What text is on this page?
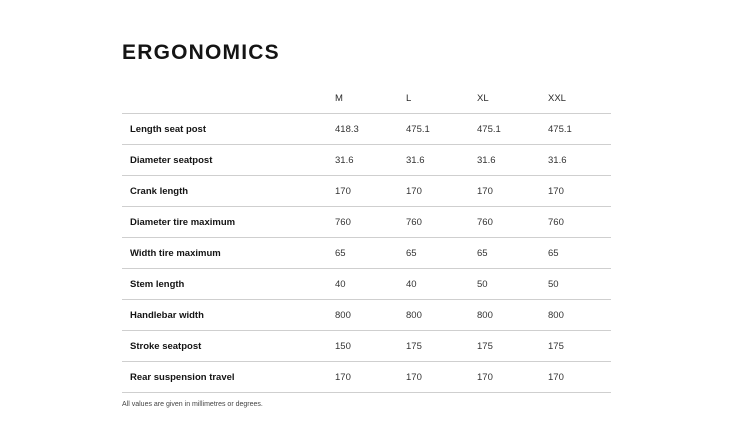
ERGONOMICS
	M	L	XL	XXL
Length seat post	418.3	475.1	475.1	475.1
Diameter seatpost	31.6	31.6	31.6	31.6
Crank length	170	170	170	170
Diameter tire maximum	760	760	760	760
Width tire maximum	65	65	65	65
Stem length	40	40	50	50
Handlebar width	800	800	800	800
Stroke seatpost	150	175	175	175
Rear suspension travel	170	170	170	170
All values are given in millimetres or degrees.
